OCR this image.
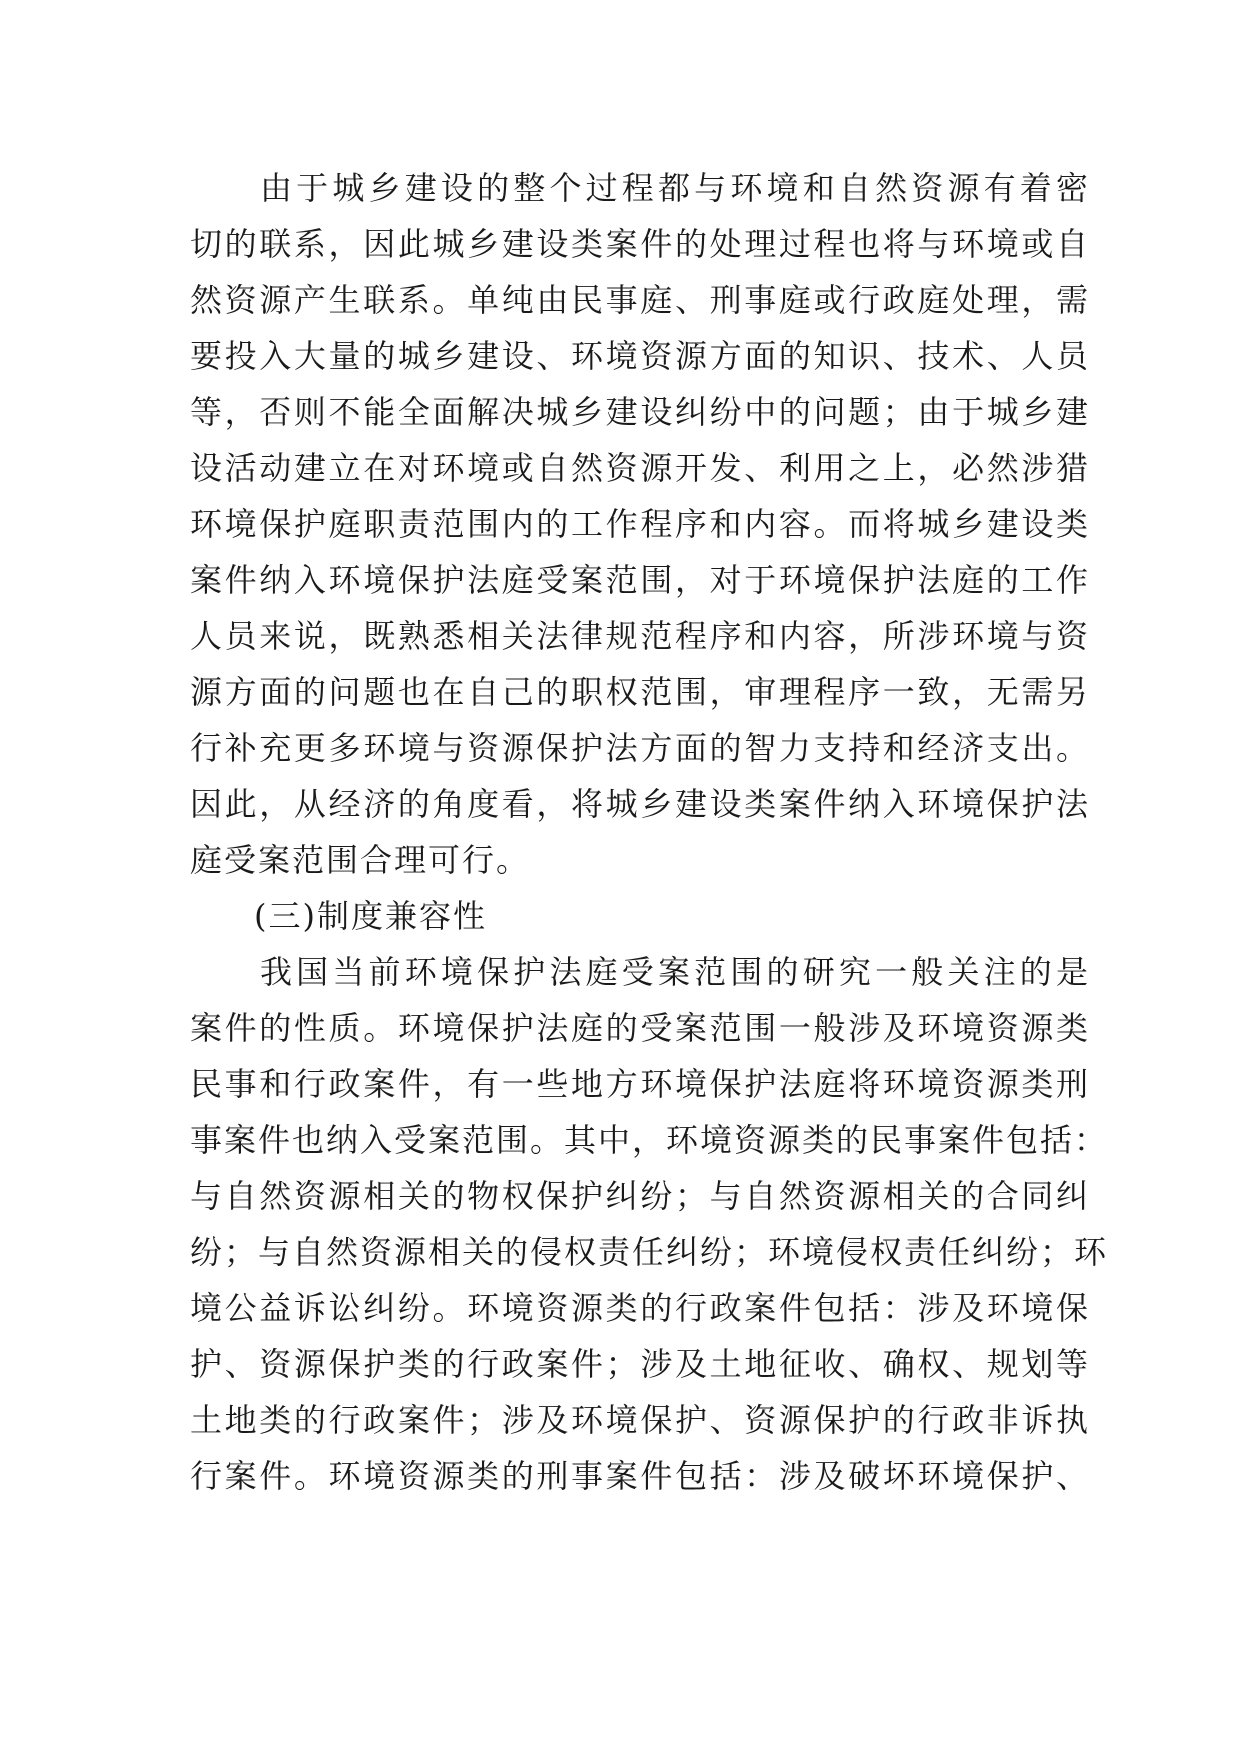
由于城乡建设的整个过程都与环境和自然资源有着密
切的联系，因此城乡建设类案件的处理过程也将与环境或自
然资源产生联系。单纯由民事庭、刑事庭或行政庭处理，需
要投入大量的城乡建设、环境资源方面的知识、技术、人员
等，否则不能全面解决城乡建设纠纷中的问题；由于城乡建
设活动建立在对环境或自然资源开发、利用之上，必然涉猎
环境保护庭职责范围内的工作程序和内容。而将城乡建设类
案件纳入环境保护法庭受案范围，对于环境保护法庭的工作
人员来说，既熟悉相关法律规范程序和内容，所涉环境与资
源方面的问题也在自己的职权范围，审理程序一致，无需另
行补充更多环境与资源保护法方面的智力支持和经济支出。
因此，从经济的角度看，将城乡建设类案件纳入环境保护法
庭受案范围合理可行。
(三)制度兼容性
我国当前环境保护法庭受案范围的研究一般关注的是
案件的性质。环境保护法庭的受案范围一般涉及环境资源类
民事和行政案件，有一些地方环境保护法庭将环境资源类刑
事案件也纳入受案范围。其中，环境资源类的民事案件包括：
与自然资源相关的物权保护纠纷；与自然资源相关的合同纠
纷；与自然资源相关的侵权责任纠纷；环境侵权责任纠纷；环
境公益诉讼纠纷。环境资源类的行政案件包括：涉及环境保
护、资源保护类的行政案件；涉及土地征收、确权、规划等
土地类的行政案件；涉及环境保护、资源保护的行政非诉执
行案件。环境资源类的刑事案件包括：涉及破坏环境保护、
